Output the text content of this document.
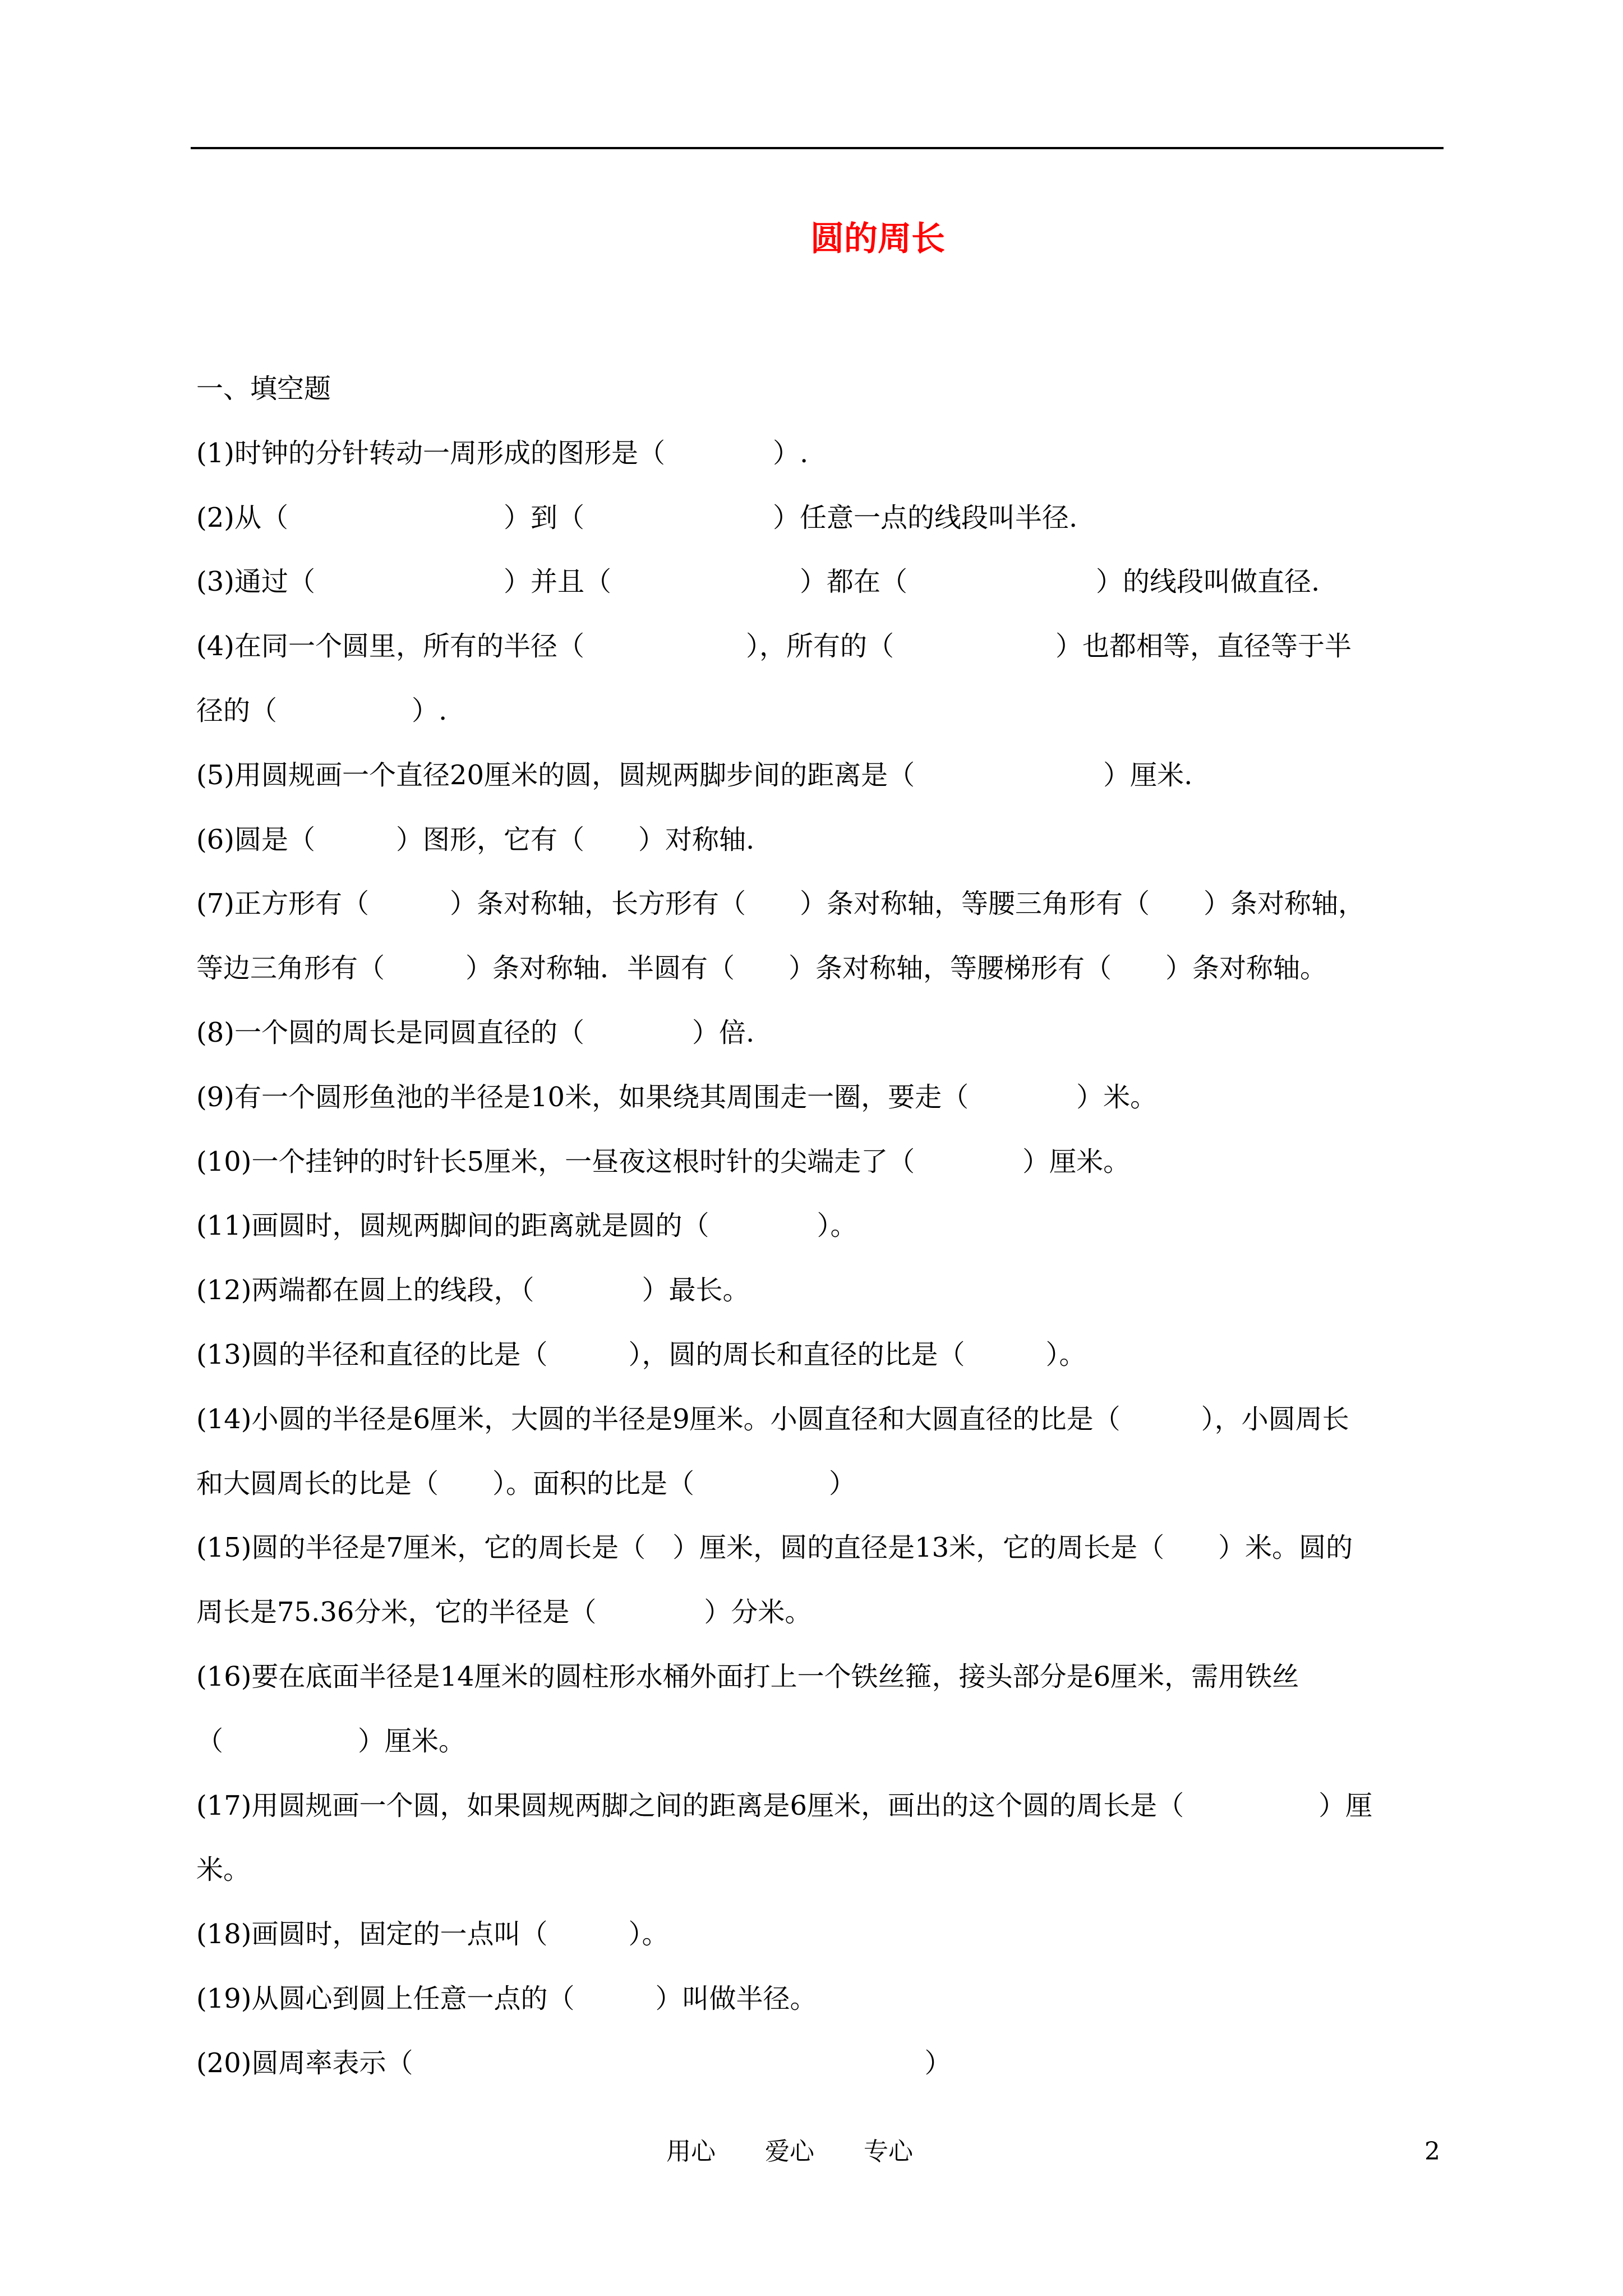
圆的周长
一、填空题
(1)时钟的分针转动一周形成的图形是（　　　　）.
(2)从（　　　　　　　　）到（　　　　　　　）任意一点的线段叫半径.
(3)通过（　　　　　　　）并且（　　　　　　　）都在（　　　　　　　）的线段叫做直径.
(4)在同一个圆里，所有的半径（　　　　　　），所有的（　　　　　　）也都相等，直径等于半
径的（　　　　　）.
(5)用圆规画一个直径20厘米的圆，圆规两脚步间的距离是（　　　　　　　）厘米.
(6)圆是（　　　）图形，它有（　　）对称轴.
(7)正方形有（　　　）条对称轴，长方形有（　　）条对称轴，等腰三角形有（　　）条对称轴，
等边三角形有（　　　）条对称轴．半圆有（　　）条对称轴，等腰梯形有（　　）条对称轴。
(8)一个圆的周长是同圆直径的（　　　　）倍.
(9)有一个圆形鱼池的半径是10米，如果绕其周围走一圈，要走（　　　　）米。
(10)一个挂钟的时针长5厘米，一昼夜这根时针的尖端走了（　　　　）厘米。
(11)画圆时，圆规两脚间的距离就是圆的（　　　　）。
(12)两端都在圆上的线段，（　　　　）最长。
(13)圆的半径和直径的比是（　　　），圆的周长和直径的比是（　　　）。
(14)小圆的半径是6厘米，大圆的半径是9厘米。小圆直径和大圆直径的比是（　　　），小圆周长
和大圆周长的比是（　　）。面积的比是（　　　　　）
(15)圆的半径是7厘米，它的周长是（　）厘米，圆的直径是13米，它的周长是（　　）米。圆的
周长是75.36分米，它的半径是（　　　　）分米。
(16)要在底面半径是14厘米的圆柱形水桶外面打上一个铁丝箍，接头部分是6厘米，需用铁丝
（　　　　　）厘米。
(17)用圆规画一个圆，如果圆规两脚之间的距离是6厘米，画出的这个圆的周长是（　　　　　）厘
米。
(18)画圆时，固定的一点叫（　　　）。
(19)从圆心到圆上任意一点的（　　　）叫做半径。
(20)圆周率表示（　　　　　　　　　　　　　　　　　　　）
用心　　爱心　　专心	2
